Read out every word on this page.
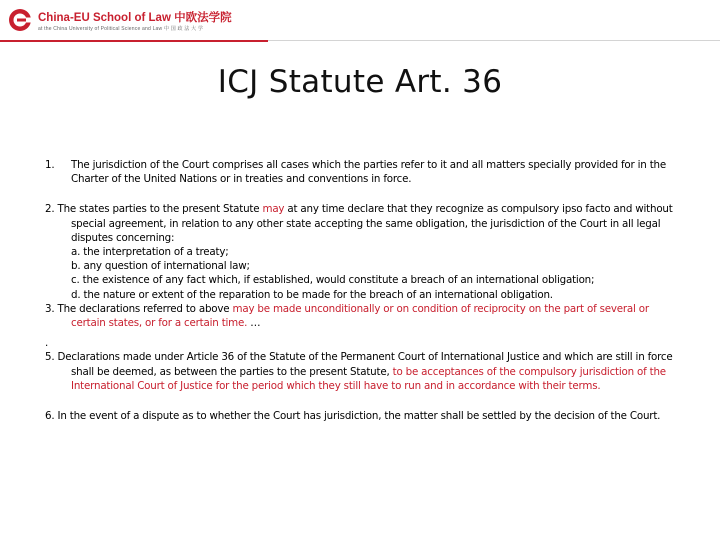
China-EU School of Law 中欧法学院
at the China University of Political Science and Law 中 国 政 法 大 学
ICJ Statute Art. 36
1.	The jurisdiction of the Court comprises all cases which the parties refer to it and all matters specially provided for in the Charter of the United Nations or in treaties and conventions in force.
2. The states parties to the present Statute may at any time declare that they recognize as compulsory ipso facto and without special agreement, in relation to any other state accepting the same obligation, the jurisdiction of the Court in all legal disputes concerning:
a. the interpretation of a treaty;
b. any question of international law;
c. the existence of any fact which, if established, would constitute a breach of an international obligation;
d. the nature or extent of the reparation to be made for the breach of an international obligation.
3. The declarations referred to above may be made unconditionally or on condition of reciprocity on the part of several or certain states, or for a certain time. …
.
5. Declarations made under Article 36 of the Statute of the Permanent Court of International Justice and which are still in force shall be deemed, as between the parties to the present Statute, to be acceptances of the compulsory jurisdiction of the International Court of Justice for the period which they still have to run and in accordance with their terms.
6. In the event of a dispute as to whether the Court has jurisdiction, the matter shall be settled by the decision of the Court.
